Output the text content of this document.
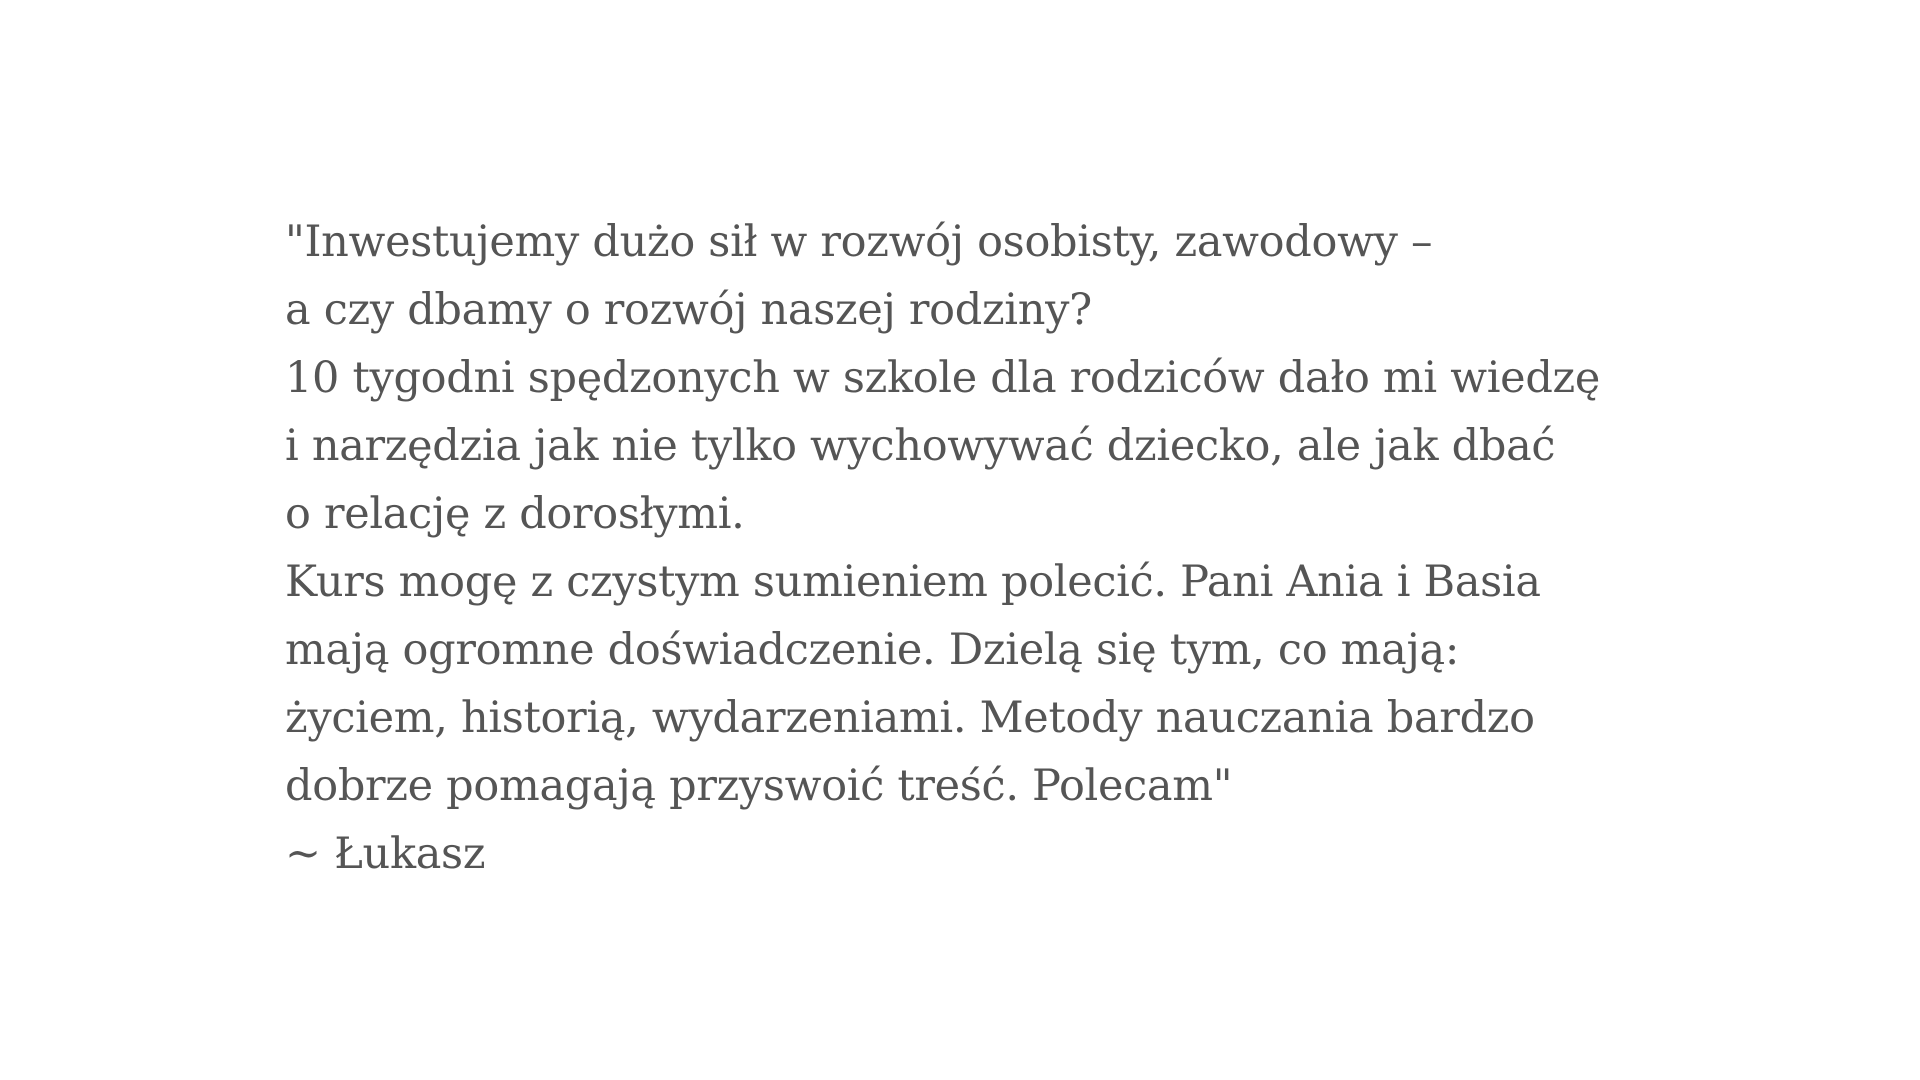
"Inwestujemy dużo sił w rozwój osobisty, zawodowy –
a czy dbamy o rozwój naszej rodziny?
10 tygodni spędzonych w szkole dla rodziców dało mi wiedzę
i narzędzia jak nie tylko wychowywać dziecko, ale jak dbać
o relację z dorosłymi.
Kurs mogę z czystym sumieniem polecić. Pani Ania i Basia
mają ogromne doświadczenie. Dzielą się tym, co mają:
życiem, historią, wydarzeniami. Metody nauczania bardzo
dobrze pomagają przyswoić treść. Polecam"
~ Łukasz
